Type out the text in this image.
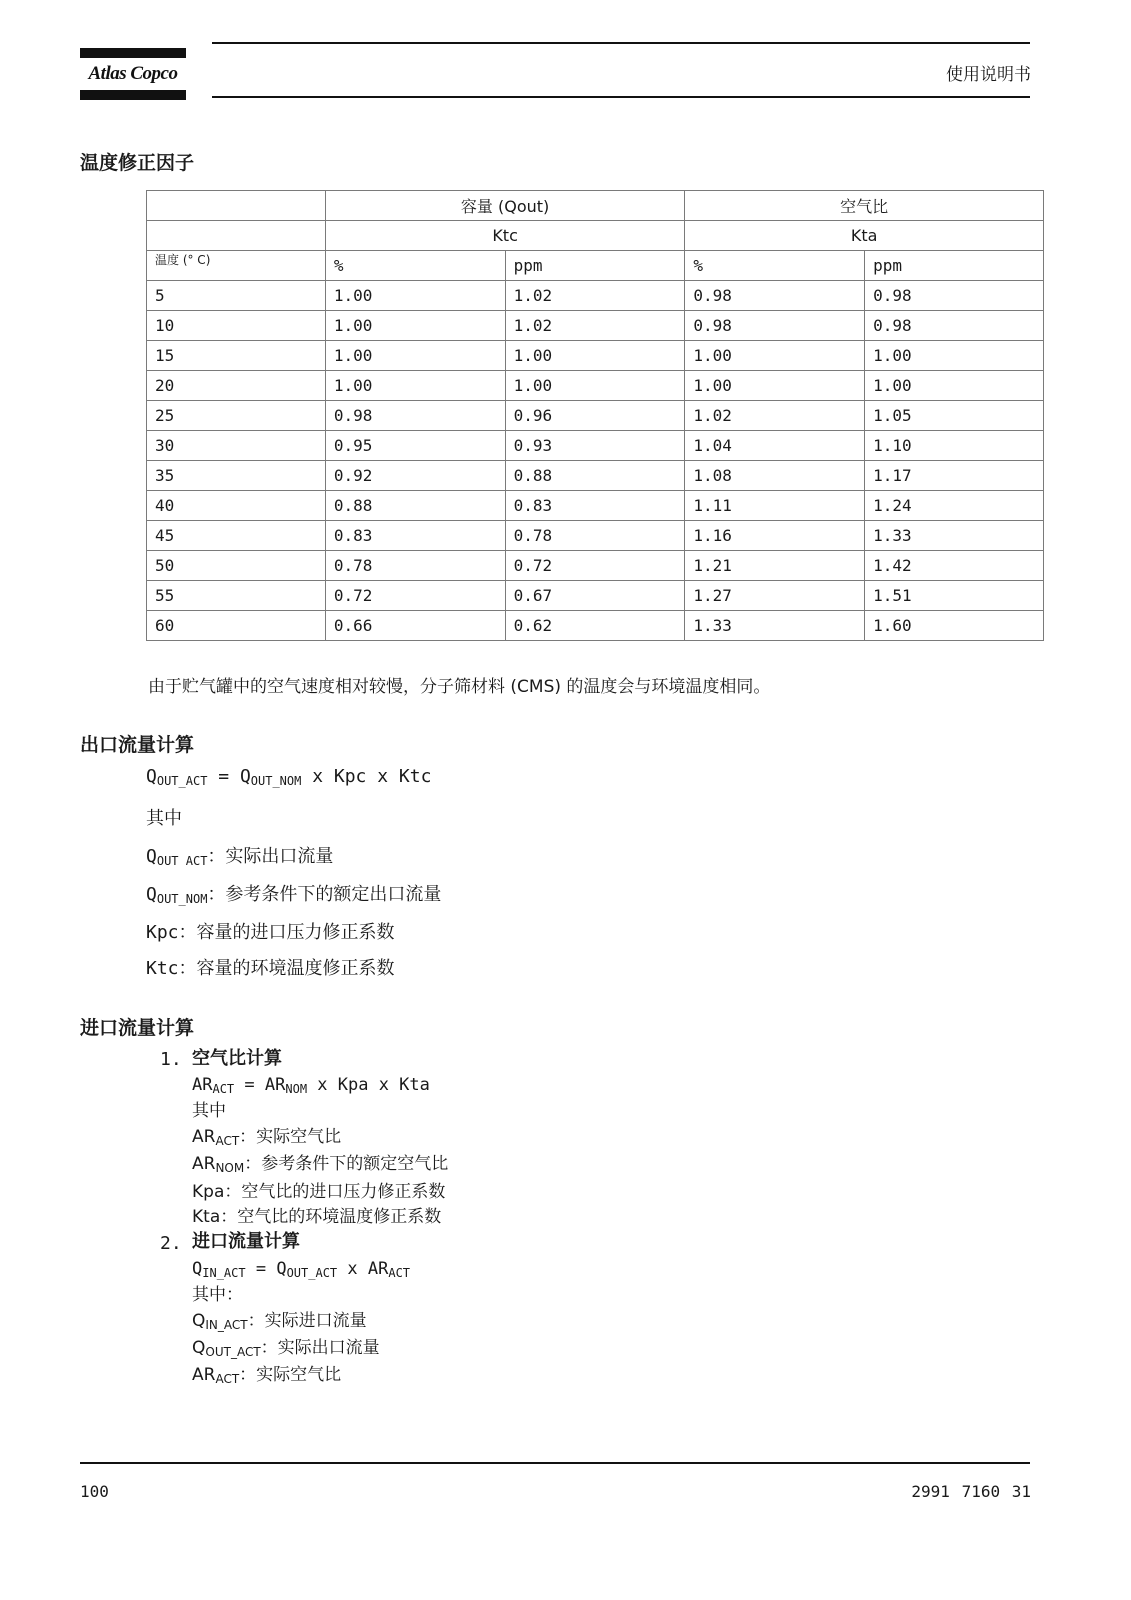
Atlas Copco	使用说明书
温度修正因子
	容量 (Qout)		空气比	
	Ktc		Kta	
温度 (° C)	%	ppm	%	ppm
5	1.00	1.02	0.98	0.98
10	1.00	1.02	0.98	0.98
15	1.00	1.00	1.00	1.00
20	1.00	1.00	1.00	1.00
25	0.98	0.96	1.02	1.05
30	0.95	0.93	1.04	1.10
35	0.92	0.88	1.08	1.17
40	0.88	0.83	1.11	1.24
45	0.83	0.78	1.16	1.33
50	0.78	0.72	1.21	1.42
55	0.72	0.67	1.27	1.51
60	0.66	0.62	1.33	1.60
由于贮气罐中的空气速度相对较慢，分子筛材料 (CMS) 的温度会与环境温度相同。
出口流量计算
$Q_{OUT\_ACT} = Q_{OUT\_NOM}$ x Kpc x Ktc
其中
$Q_{OUT ACT}$：实际出口流量
$Q_{OUT\_NOM}$：参考条件下的额定出口流量
Kpc：容量的进口压力修正系数
Ktc：容量的环境温度修正系数
进口流量计算
1. 空气比计算
$AR_{ACT} = AR_{NOM}$ x Kpa x Kta
其中
$AR_{ACT}$：实际空气比
$AR_{NOM}$：参考条件下的额定空气比
Kpa：空气比的进口压力修正系数
Kta：空气比的环境温度修正系数
2. 进口流量计算
$Q_{IN\_ACT} = Q_{OUT\_ACT}$ x $AR_{ACT}$
其中：
$Q_{IN\_ACT}$：实际进口流量
$Q_{OUT\_ACT}$：实际出口流量
$AR_{ACT}$：实际空气比
100	2991 7160 31
